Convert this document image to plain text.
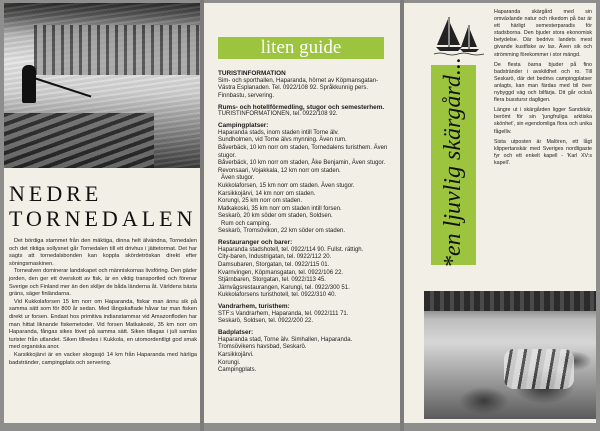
NEDRE
TORNEDALEN

Det bördiga stammet från den mäktiga, dinna helt älvändna, Tornedalen och det riktiga sollysnet går Tornedalen till ett drivhus i jättetormat. Det har sagts att tornedalsbonden kan koppla skördetröskan direkt efter söningsmaskinen.

Tornealven dominerar landskapet och människornas livsföring. Den gäder jorden, den ger ett överskott av fisk, är en viktig transportled och förenar Sverige och Finland mer än den skiljer de båda länderna åt. Världens bästa gräns, säger finländarna.

Vid Kukkolaforsen 15 km norr om Haparanda, fiskar man ännu sik på samma sätt som för 800 år sedan. Med långskaftade håvar tar man fisken direkt ur forsen. Endast hos primitiva indianstammar vid Amazonfloden har man hittat liknande fiskemetoder. Vid forsen Matkakoski, 35 km norr om Haparanda, fångas sikes lövet på samma sätt. Siken tillagas i juli samlas turister från utlandet. Siken tillredes i Kukkola, en utomordentligt god smak med organiska anor.

Karsikkojärvi är en vacker skogssjö 14 km från Haparanda med härliga badstränder, campingplats och servering.

liten guide
TURISTINFORMATION

Sim- och sporthallen, Haparanda, hörnet av Köpmansgatan-Västra Esplanaden. Tel. 0922/108 92. Språkkunnig pers. Finnbastu, servering.

Rums- och hotellförmedling, stugor och semesterhem.

TURISTINFORMATIONEN, tel. 0922/108 92.

Campingplatser:

Haparanda stads, inom staden intill Torne älv.

Sundholmen, vid Torne älvs mynning. Även rum.

Båverbäck, 10 km norr om staden, Tornedalens turisthem. Även stugor.

Båverbäck, 10 km norr om staden, Åke Benjamin, Även stugor.

Revonsaari, Vojakkala, 12 km norr om staden.

Även stugor.

Kukkolaforsen, 15 km norr om staden. Även stugor.

Karsikkojärvi, 14 km norr om staden.

Korungi, 25 km norr om staden.

Matkakoski, 35 km norr om staden intill forsen.

Seskarö, 20 km söder om staden, Soldsen.

Rum och camping.

Seskarö, Tromsövikon, 22 km söder om staden.

Restauranger och barer:

Haparanda stadshotell, tel. 0922/114 90. Fullst. rättigh.

City-baren, Industrigatan, tel. 0922/112 20.

Damsubaren, Storgatan, tel. 0922/115 01.

Kvarnvingen, Köpmansgatan, tel. 0922/106 22.

Stjärnbaren, Storgatan, tel. 0922/113 45.

Järnvägsrestaurangen, Karungi, tel. 0922/300 51.

Kukkolaforsens turisthotell, tel. 0922/310 40.

Vandrarhem, turisthem:

STF:s Vandrarhem, Haparanda, tel. 0922/111 71.

Seskarö, Soldsen, tel. 0922/200 22.

Badplatser:

Haparanda stad, Torne älv. Simhallen, Haparanda.

Tromsövikens havsbad, Seskarö.

Karsikkojärvi.

Korungi.

Campingplats.

*en ljuvlig skärgård...

Haparanda skärgård med sin omväxlande natur och rikedom på öar är ett härligt semesterparadis för stadsborna. Den bjuder stora ekonomisk betydelse. Där bedrivs landets mest givande kustfiske av lax. Även sik och strömming förekommer i stor mängd.

De flesta öarna bjuder på fino badstränder i avskildhet och ro. Till Seskarö, där det bedrivs campingplatser anlagts, kan man färdas med bil över nybyggd väg och bilfärja. Dit går också flera busstursr dagligen.

Längre ut i skärgården ligger Sandskär, berömt för sin 'jungfruliga arktiska skönhet', sin egendomliga flora och unika fågelliv.

Sista utposten är Malören, ett lågt klippertanskär med Sveriges nordligaste fyr och ett enkelt kapell - 'Karl XV:s kapell'.
